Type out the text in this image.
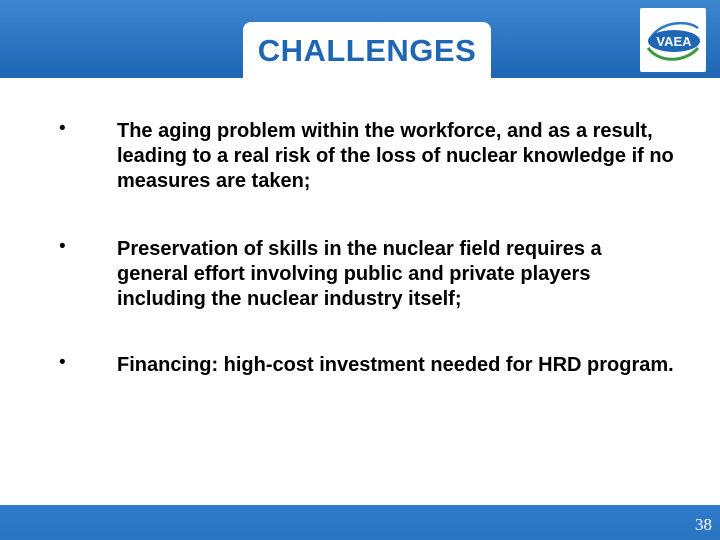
CHALLENGES	VAEA
•	The aging problem within the workforce, and as a result, leading to a real risk of the loss of nuclear knowledge if no measures are taken;
•	Preservation of skills in the nuclear field requires a general effort involving public and private players including the nuclear industry itself;
•	Financing: high-cost investment needed for HRD program.
38
